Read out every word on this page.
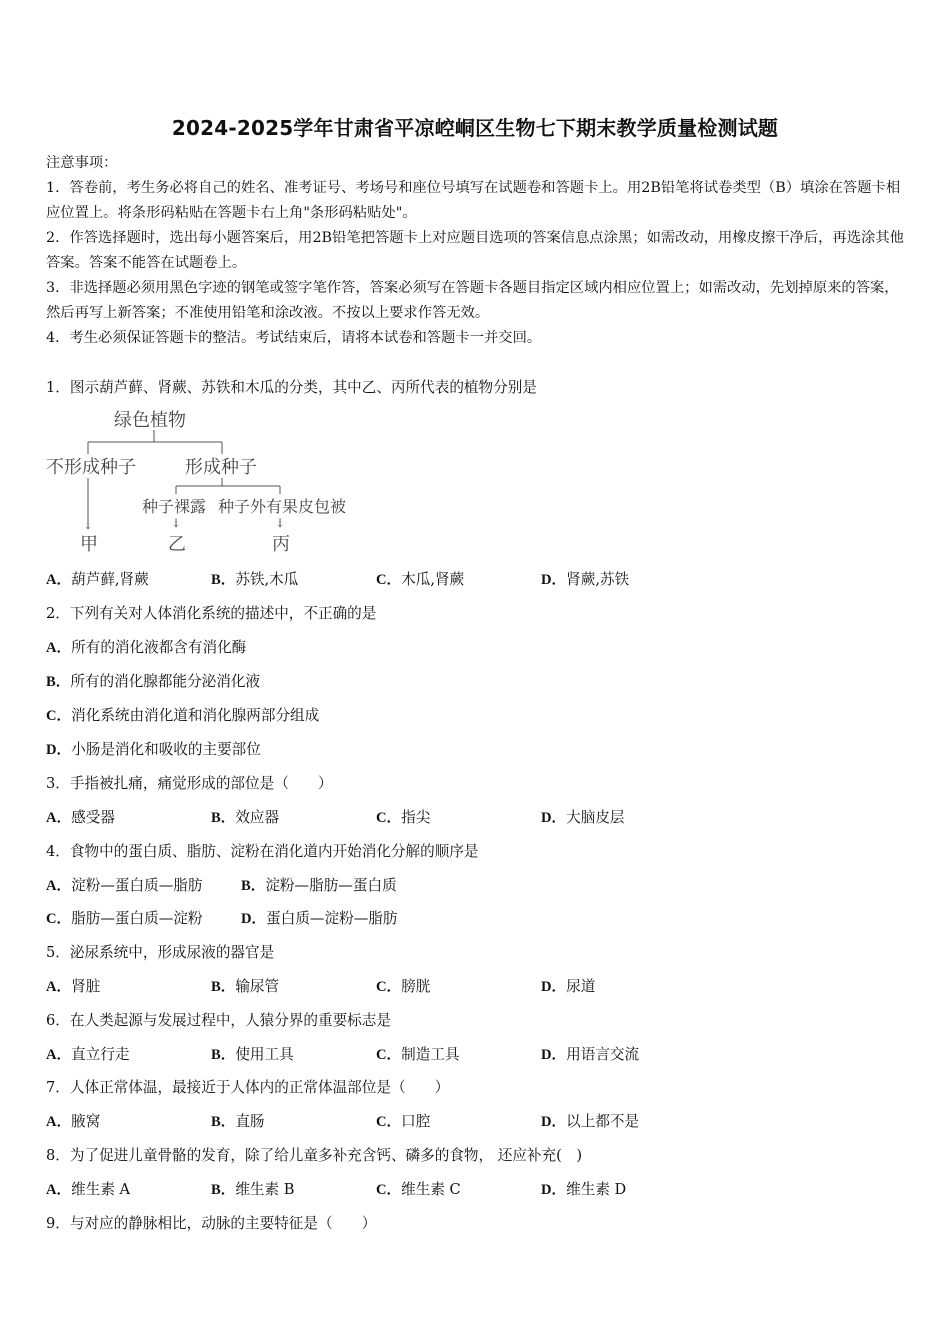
2024-2025学年甘肃省平凉崆峒区生物七下期末教学质量检测试题

注意事项：

1．答卷前，考生务必将自己的姓名、准考证号、考场号和座位号填写在试题卷和答题卡上。用2B铅笔将试卷类型（B）填涂在答题卡相应位置上。将条形码粘贴在答题卡右上角"条形码粘贴处"。

2．作答选择题时，选出每小题答案后，用2B铅笔把答题卡上对应题目选项的答案信息点涂黑；如需改动，用橡皮擦干净后，再选涂其他答案。答案不能答在试题卷上。

3．非选择题必须用黑色字迹的钢笔或签字笔作答，答案必须写在答题卡各题目指定区域内相应位置上；如需改动，先划掉原来的答案，然后再写上新答案；不准使用铅笔和涂改液。不按以上要求作答无效。

4．考生必须保证答题卡的整洁。考试结束后，请将本试卷和答题卡一并交回。

1．图示葫芦藓、肾蕨、苏铁和木瓜的分类，其中乙、丙所代表的植物分别是
绿色植物
不形成种子	形成种子
种子裸露 种子外有果皮包被
↓	↓	↓
甲	乙	丙
A．葫芦藓,肾蕨	B．苏铁,木瓜	C．木瓜,肾蕨	D．肾蕨,苏铁
2．下列有关对人体消化系统的描述中，不正确的是
A．所有的消化液都含有消化酶
B．所有的消化腺都能分泌消化液
C．消化系统由消化道和消化腺两部分组成
D．小肠是消化和吸收的主要部位
3．手指被扎痛，痛觉形成的部位是（　　）
A．感受器	B．效应器	C．指尖	D．大脑皮层
4．食物中的蛋白质、脂肪、淀粉在消化道内开始消化分解的顺序是
A．淀粉—蛋白质—脂肪	B．淀粉—脂肪—蛋白质
C．脂肪—蛋白质—淀粉	D．蛋白质—淀粉—脂肪
5．泌尿系统中，形成尿液的器官是
A．肾脏	B．输尿管	C．膀胱	D．尿道
6．在人类起源与发展过程中，人猿分界的重要标志是
A．直立行走	B．使用工具	C．制造工具	D．用语言交流
7．人体正常体温，最接近于人体内的正常体温部位是（　　）
A．腋窝	B．直肠	C．口腔	D．以上都不是
8．为了促进儿童骨骼的发育，除了给儿童多补充含钙、磷多的食物， 还应补充(　)
A．维生素 A	B．维生素 B	C．维生素 C	D．维生素 D
9．与对应的静脉相比，动脉的主要特征是（　　）
